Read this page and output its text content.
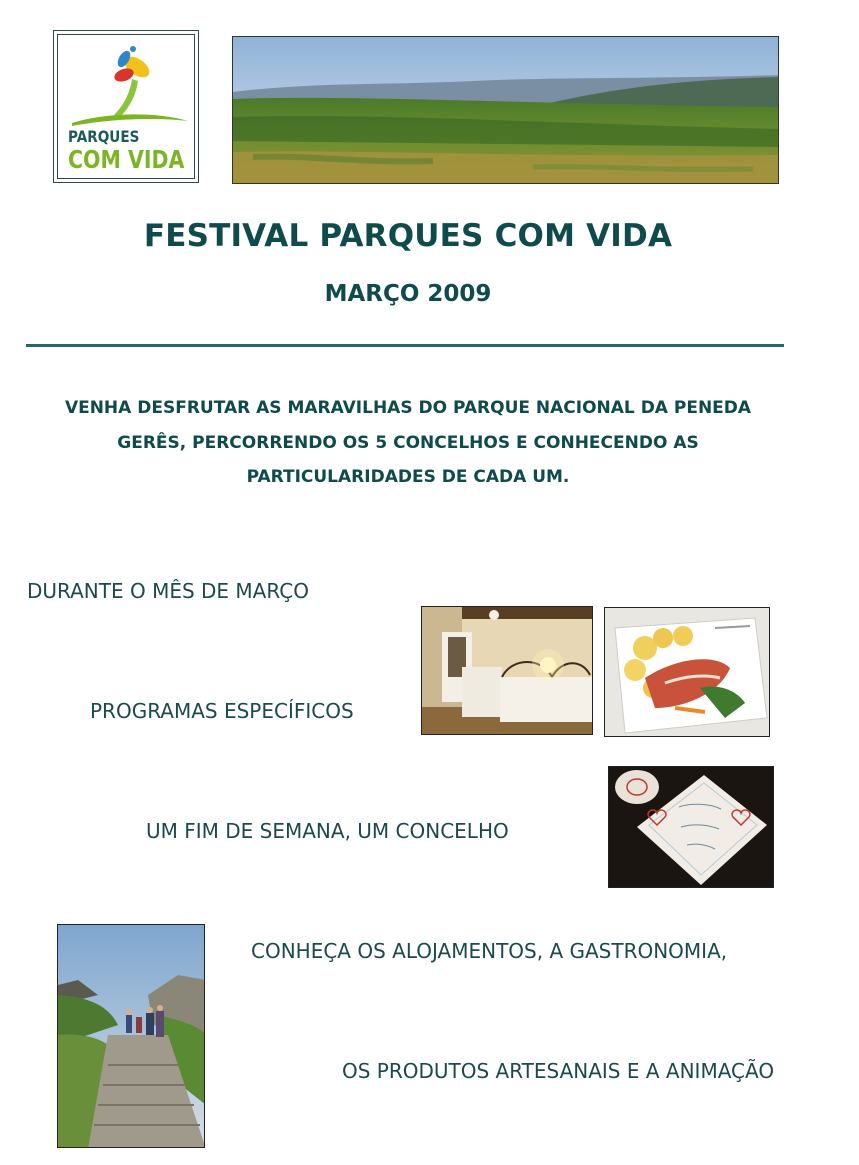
PARQUES
COM VIDA
FESTIVAL PARQUES COM VIDA
MARÇO 2009
VENHA DESFRUTAR AS MARAVILHAS DO PARQUE NACIONAL DA PENEDA
GERÊS, PERCORRENDO OS 5 CONCELHOS E CONHECENDO AS
PARTICULARIDADES DE CADA UM.
DURANTE O MÊS DE MARÇO
PROGRAMAS ESPECÍFICOS
UM FIM DE SEMANA, UM CONCELHO
CONHEÇA OS ALOJAMENTOS, A GASTRONOMIA,
OS PRODUTOS ARTESANAIS E A ANIMAÇÃO
